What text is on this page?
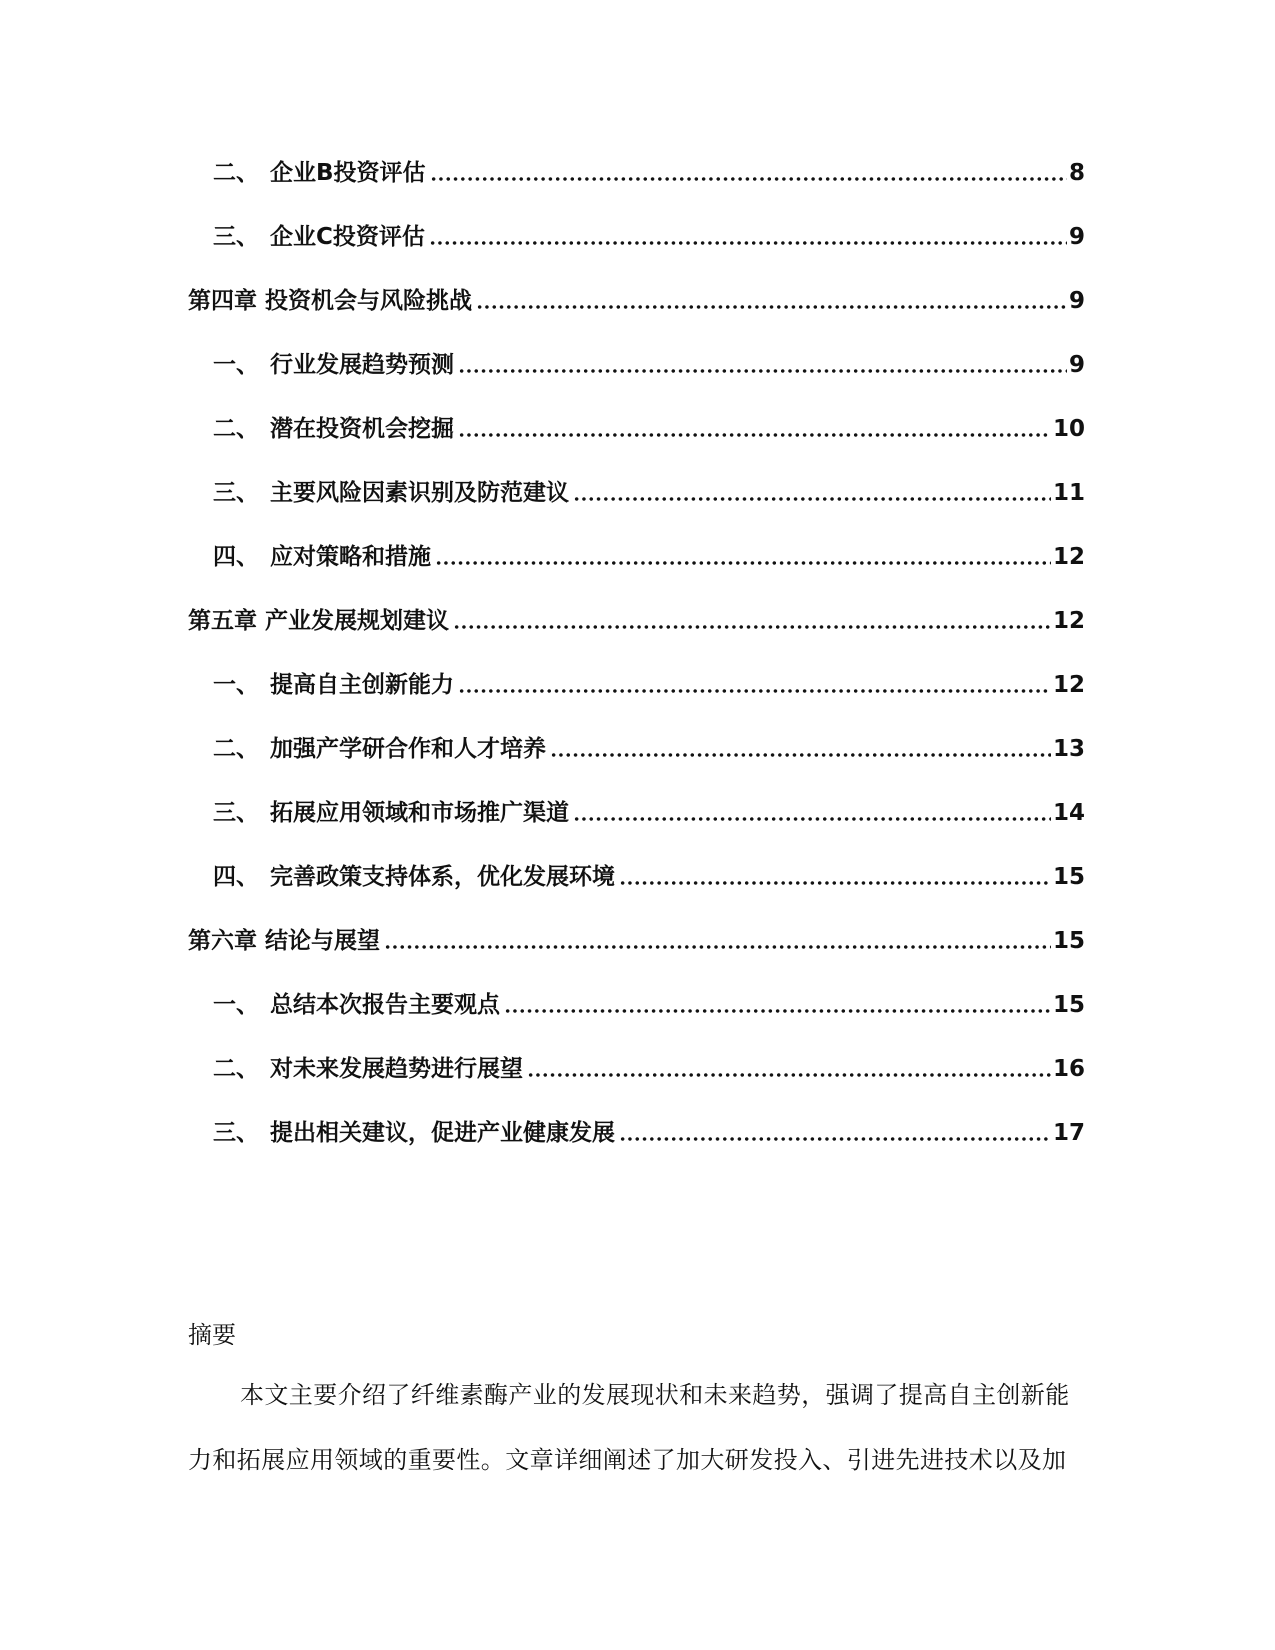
二、 企业B投资评估	8
三、 企业C投资评估	9
第四章 投资机会与风险挑战	9
一、 行业发展趋势预测	9
二、 潜在投资机会挖掘	10
三、 主要风险因素识别及防范建议	11
四、 应对策略和措施	12
第五章 产业发展规划建议	12
一、 提高自主创新能力	12
二、 加强产学研合作和人才培养	13
三、 拓展应用领域和市场推广渠道	14
四、 完善政策支持体系，优化发展环境	15
第六章 结论与展望	15
一、 总结本次报告主要观点	15
二、 对未来发展趋势进行展望	16
三、 提出相关建议，促进产业健康发展	17
摘要
本文主要介绍了纤维素酶产业的发展现状和未来趋势，强调了提高自主创新能
力和拓展应用领域的重要性。文章详细阐述了加大研发投入、引进先进技术以及加
